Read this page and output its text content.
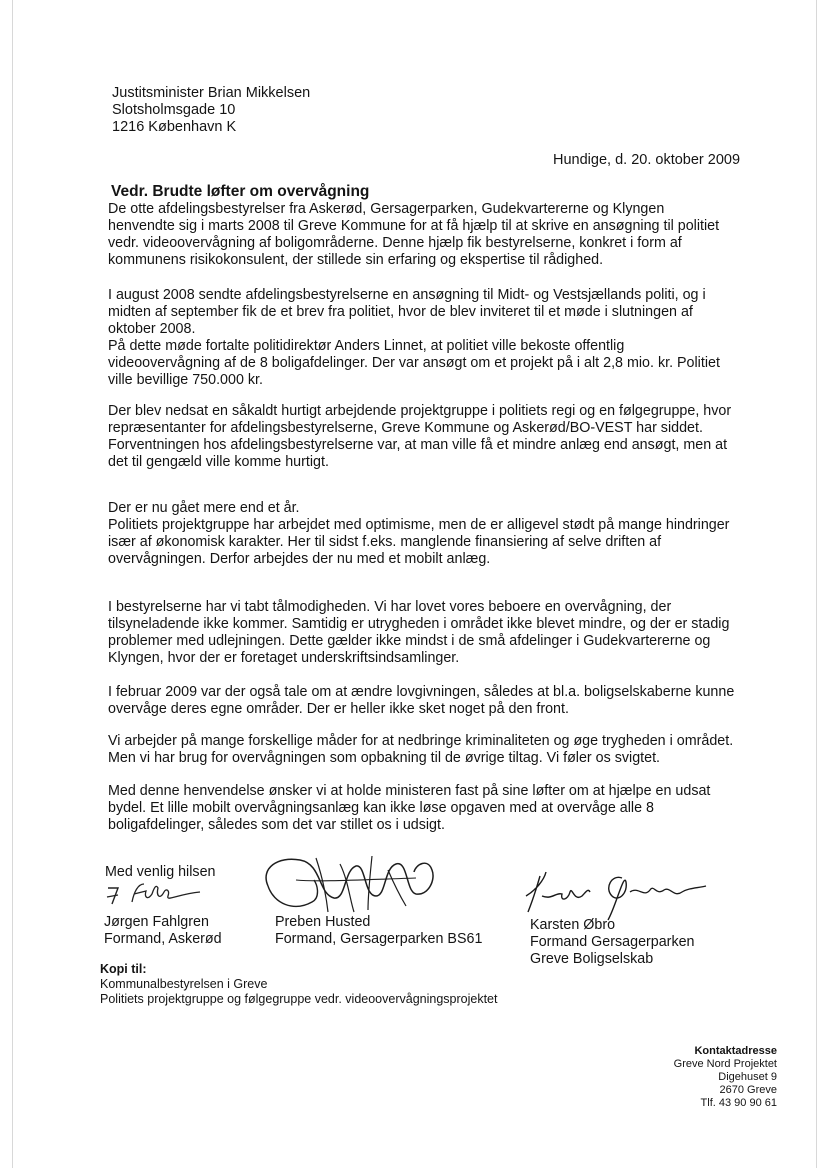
Justitsminister Brian Mikkelsen
Slotsholmsgade 10
1216 København K
Hundige, d. 20. oktober 2009
Vedr. Brudte løfter om overvågning
De otte afdelingsbestyrelser fra Askerød, Gersagerparken, Gudekvartererne og Klyngen
henvendte sig i marts 2008 til Greve Kommune for at få hjælp til at skrive en ansøgning til politiet
vedr. videoovervågning af boligområderne. Denne hjælp fik bestyrelserne, konkret i form af
kommunens risikokonsulent, der stillede sin erfaring og ekspertise til rådighed.
I august 2008 sendte afdelingsbestyrelserne en ansøgning til Midt- og Vestsjællands politi, og i
midten af september fik de et brev fra politiet, hvor de blev inviteret til et møde i slutningen af
oktober 2008.
På dette møde fortalte politidirektør Anders Linnet, at politiet ville bekoste offentlig
videoovervågning af de 8 boligafdelinger. Der var ansøgt om et projekt på i alt 2,8 mio. kr. Politiet
ville bevillige 750.000 kr.
Der blev nedsat en såkaldt hurtigt arbejdende projektgruppe i politiets regi og en følgegruppe, hvor
repræsentanter for afdelingsbestyrelserne, Greve Kommune og Askerød/BO-VEST har siddet.
Forventningen hos afdelingsbestyrelserne var, at man ville få et mindre anlæg end ansøgt, men at
det til gengæld ville komme hurtigt.
Der er nu gået mere end et år.
Politiets projektgruppe har arbejdet med optimisme, men de er alligevel stødt på mange hindringer
især af økonomisk karakter. Her til sidst f.eks. manglende finansiering af selve driften af
overvågningen. Derfor arbejdes der nu med et mobilt anlæg.
I bestyrelserne har vi tabt tålmodigheden. Vi har lovet vores beboere en overvågning, der
tilsyneladende ikke kommer. Samtidig er utrygheden i området ikke blevet mindre, og der er stadig
problemer med udlejningen. Dette gælder ikke mindst i de små afdelinger i Gudekvartererne og
Klyngen, hvor der er foretaget underskriftsindsamlinger.
I februar 2009 var der også tale om at ændre lovgivningen, således at bl.a. boligselskaberne kunne
overvåge deres egne områder. Der er heller ikke sket noget på den front.
Vi arbejder på mange forskellige måder for at nedbringe kriminaliteten og øge trygheden i området.
Men vi har brug for overvågningen som opbakning til de øvrige tiltag. Vi føler os svigtet.
Med denne henvendelse ønsker vi at holde ministeren fast på sine løfter om at hjælpe en udsat
bydel. Et lille mobilt overvågningsanlæg kan ikke løse opgaven med at overvåge alle 8
boligafdelinger, således som det var stillet os i udsigt.
Med venlig hilsen
Jørgen Fahlgren
Formand, Askerød
Preben Husted
Formand, Gersagerparken BS61
Karsten Øbro
Formand Gersagerparken
Greve Boligselskab
Kopi til:
Kommunalbestyrelsen i Greve
Politiets projektgruppe og følgegruppe vedr. videoovervågningsprojektet
Kontaktadresse
Greve Nord Projektet
Digehuset 9
2670 Greve
Tlf. 43 90 90 61
